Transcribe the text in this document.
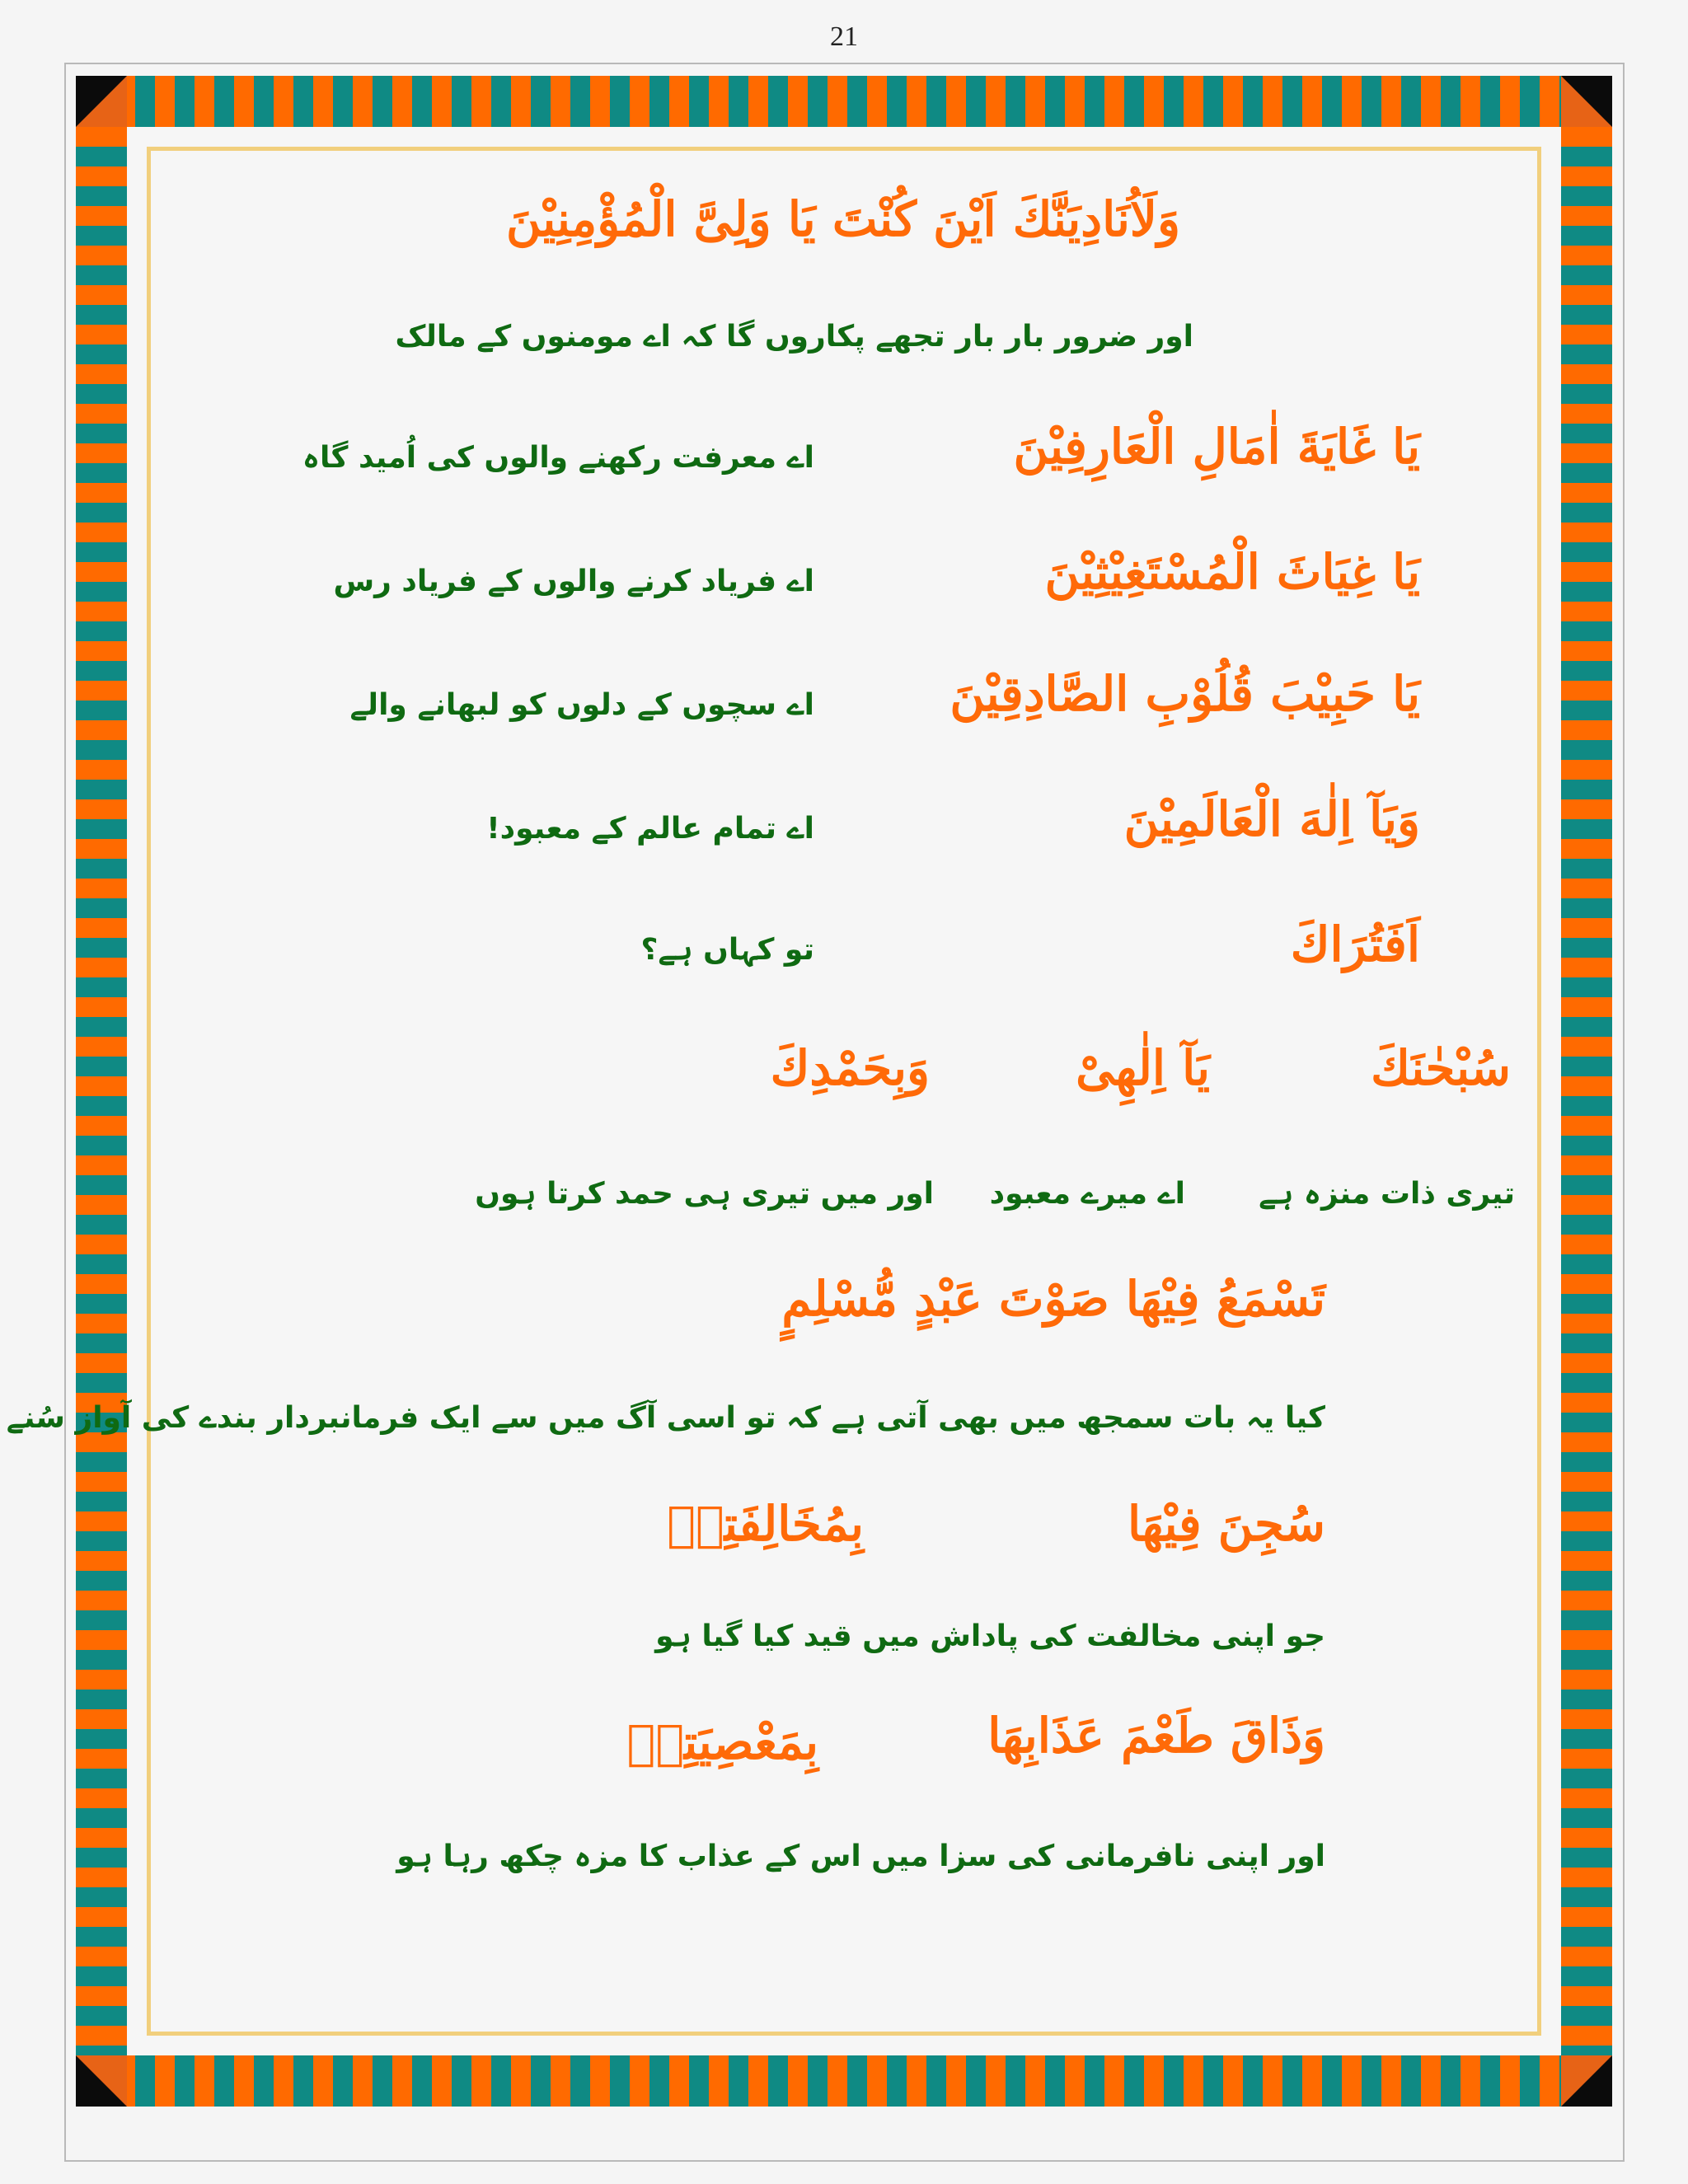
21
وَلَاُنَادِیَنَّكَ اَیْنَ كُنْتَ یَا وَلِیَّ الْمُؤْمِنِیْنَ
اور ضرور بار بار تجھے پکاروں گا کہ اے مومنوں کے مالک
یَا غَایَةَ اٰمَالِ الْعَارِفِیْنَ
اے معرفت رکھنے والوں کی اُمید گاہ
یَا غِیَاثَ الْمُسْتَغِیْثِیْنَ
اے فریاد کرنے والوں کے فریاد رس
یَا حَبِیْبَ قُلُوْبِ الصَّادِقِیْنَ
اے سچوں کے دلوں کو لبھانے والے
وَیَآ اِلٰهَ الْعَالَمِیْنَ
اے تمام عالم کے معبود!
اَفَتُرَاكَ
تو کہاں ہے؟
سُبْحٰنَكَ
یَآ اِلٰهِیْ
وَبِحَمْدِكَ
تیری ذات منزہ ہے
اے میرے معبود
اور میں تیری ہی حمد کرتا ہوں
تَسْمَعُ فِیْهَا صَوْتَ عَبْدٍ مُّسْلِمٍ
کیا یہ بات سمجھ میں بھی آتی ہے کہ تو اسی آگ میں سے ایک فرمانبردار بندے کی آواز سُنے
سُجِنَ فِیْهَا
بِمُخَالِفَتِهٖ
جو اپنی مخالفت کی پاداش میں قید کیا گیا ہو
وَذَاقَ طَعْمَ عَذَابِهَا
بِمَعْصِیَتِهٖ
اور اپنی نافرمانی کی سزا میں اس کے عذاب کا مزہ چکھ رہا ہو
